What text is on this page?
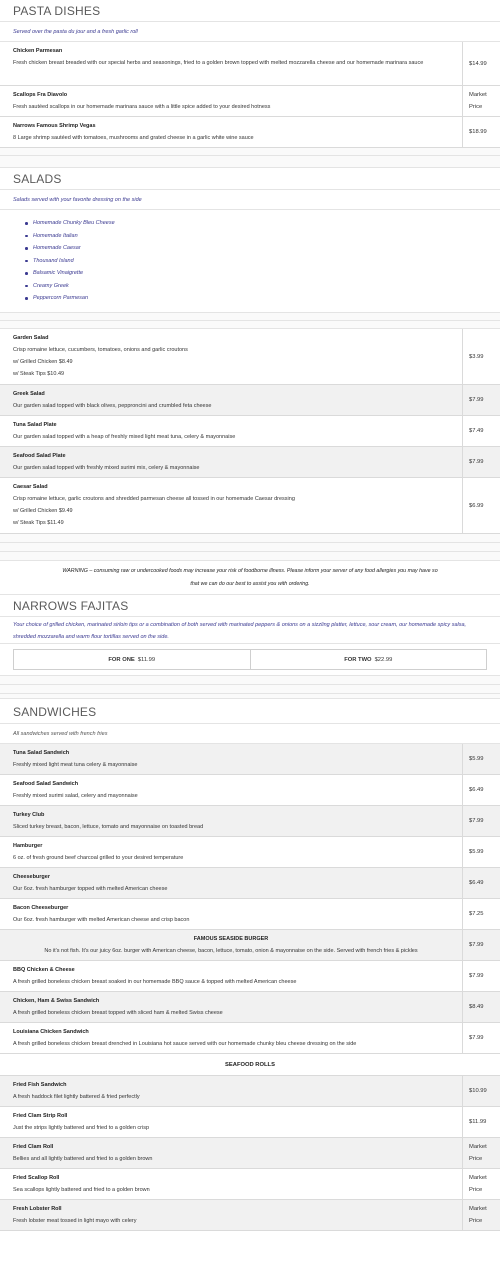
PASTA DISHES
Served over the pasta du jour and a fresh garlic roll
Chicken Parmesan
Fresh chicken breast breaded with our special herbs and seasonings, fried to a golden brown topped with melted mozzarella cheese and our homemade marinara sauce	$14.99
Scallops Fra Diavolo
Fresh sautéed scallops in our homemade marinara sauce with a little spice added to your desired hotness
Market Price
Narrows Famous Shrimp Vegas
8 Large shrimp sautéed with tomatoes, mushrooms and grated cheese in a garlic white wine sauce
$18.99
SALADS
Salads served with your favorite dressing on the side
Homemade Chunky Bleu Cheese
Homemade Italian
Homemade Caesar
Thousand Island
Balsamic Vinaigrette
Creamy Greek
Peppercorn Parmesan
Garden Salad
Crisp romaine lettuce, cucumbers, tomatoes, onions and garlic croutons
w/ Grilled Chicken $8.49
w/ Steak Tips $10.49
$3.99
Greek Salad
Our garden salad topped with black olives, pepproncini and crumbled feta cheese
$7.99
Tuna Salad Plate
Our garden salad topped with a heap of freshly mixed light meat tuna, celery & mayonnaise
$7.49
Seafood Salad Plate
Our garden salad topped with freshly mixed surimi mix, celery & mayonnaise
$7.99
Caesar Salad
Crisp romaine lettuce, garlic croutons and shredded parmesan cheese all tossed in our homemade Caesar dressing
w/ Grilled Chicken $9.49
w/ Steak Tips $11.49
$6.99
WARNING – consuming raw or undercooked foods may increase your risk of foodborne illness. Please inform your server of any food allergies you may have so
that we can do our best to assist you with ordering.
NARROWS FAJITAS
Your choice of grilled chicken, marinated sirloin tips or a combination of both served with marinated peppers & onions on a sizzling platter, lettuce, sour cream, our homemade spicy salsa, shredded mozzarella and warm flour tortillas served on the side.
FOR ONE $11.99	FOR TWO $22.99
SANDWICHES
All sandwiches served with french fries
Tuna Salad Sandwich
Freshly mixed light meat tuna celery & mayonnaise
$5.99
Seafood Salad Sandwich
Freshly mixed surimi salad, celery and mayonnaise
$6.49
Turkey Club
Sliced turkey breast, bacon, lettuce, tomato and mayonnaise on toasted bread
$7.99
Hamburger
6 oz. of fresh ground beef charcoal grilled to your desired temperature
$5.99
Cheeseburger
Our 6oz. fresh hamburger topped with melted American cheese
$6.49
Bacon Cheeseburger
Our 6oz. fresh hamburger with melted American cheese and crisp bacon
$7.25
FAMOUS SEASIDE BURGER
No it's not fish. It's our juicy 6oz. burger with American cheese, bacon, lettuce, tomato, onion & mayonnaise on the side. Served with french fries & pickles
$7.99
BBQ Chicken & Cheese
A fresh grilled boneless chicken breast soaked in our homemade BBQ sauce & topped with melted American cheese
$7.99
Chicken, Ham & Swiss Sandwich
A fresh grilled boneless chicken breast topped with sliced ham & melted Swiss cheese
$8.49
Louisiana Chicken Sandwich
A fresh grilled boneless chicken breast drenched in Louisiana hot sauce served with our homemade chunky bleu cheese dressing on the side
$7.99
SEAFOOD ROLLS
Fried Fish Sandwich
A fresh haddock filet lightly battered & fried perfectly
$10.99
Fried Clam Strip Roll
Just the strips lightly battered and fried to a golden crisp
$11.99
Fried Clam Roll
Bellies and all lightly battered and fried to a golden brown
Market Price
Fried Scallop Roll
Sea scallops lightly battered and fried to a golden brown
Market Price
Fresh Lobster Roll
Fresh lobster meat tossed in light mayo with celery
Market Price
